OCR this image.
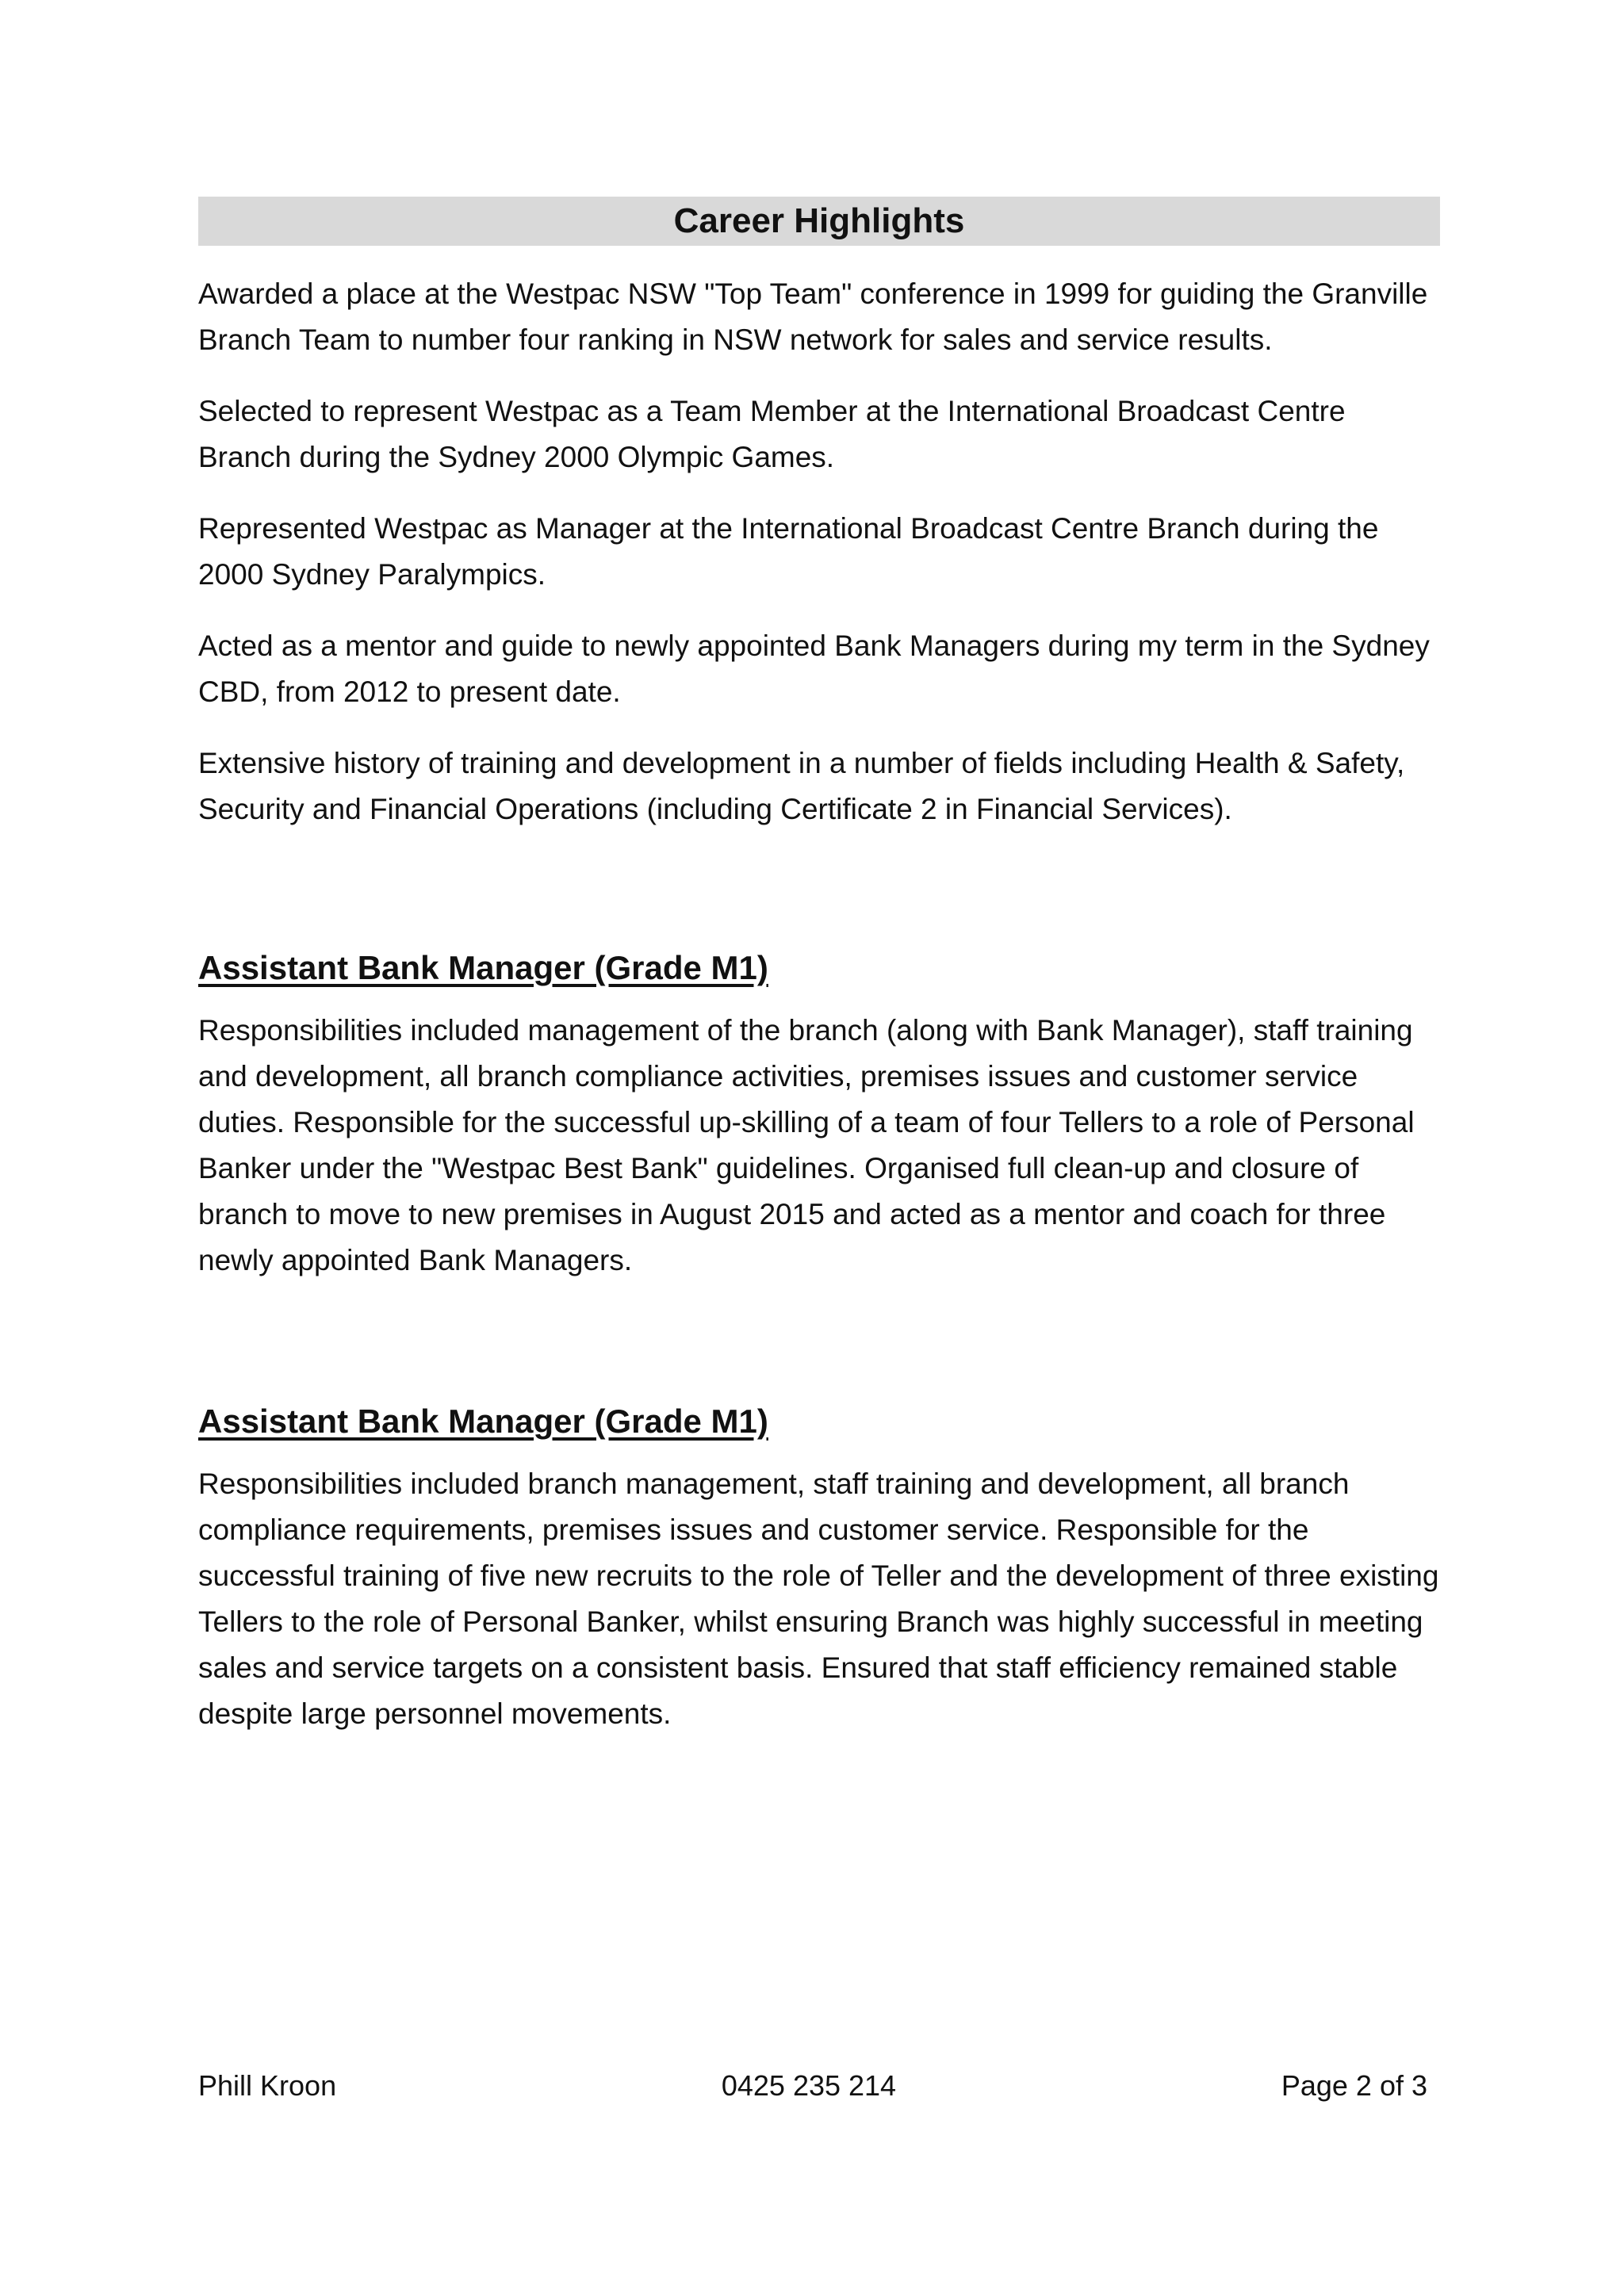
Career Highlights

Awarded a place at the Westpac NSW "Top Team" conference in 1999 for guiding the Granville Branch Team to number four ranking in NSW network for sales and service results.

Selected to represent Westpac as a Team Member at the International Broadcast Centre Branch during the Sydney 2000 Olympic Games.

Represented Westpac as Manager at the International Broadcast Centre Branch during the 2000 Sydney Paralympics.

Acted as a mentor and guide to newly appointed Bank Managers during my term in the Sydney CBD, from 2012 to present date.

Extensive history of training and development in a number of fields including Health & Safety, Security and Financial Operations (including Certificate 2 in Financial Services).

Assistant Bank Manager (Grade M1)

Responsibilities included management of the branch (along with Bank Manager), staff training and development, all branch compliance activities, premises issues and customer service duties. Responsible for the successful up-skilling of a team of four Tellers to a role of Personal Banker under the "Westpac Best Bank" guidelines. Organised full clean-up and closure of branch to move to new premises in August 2015 and acted as a mentor and coach for three newly appointed Bank Managers.

Assistant Bank Manager (Grade M1)

Responsibilities included branch management, staff training and development, all branch compliance requirements, premises issues and customer service. Responsible for the successful training of five new recruits to the role of Teller and the development of three existing Tellers to the role of Personal Banker, whilst ensuring Branch was highly successful in meeting sales and service targets on a consistent basis. Ensured that staff efficiency remained stable despite large personnel movements.

Phill Kroon	0425 235 214	Page 2 of 3
